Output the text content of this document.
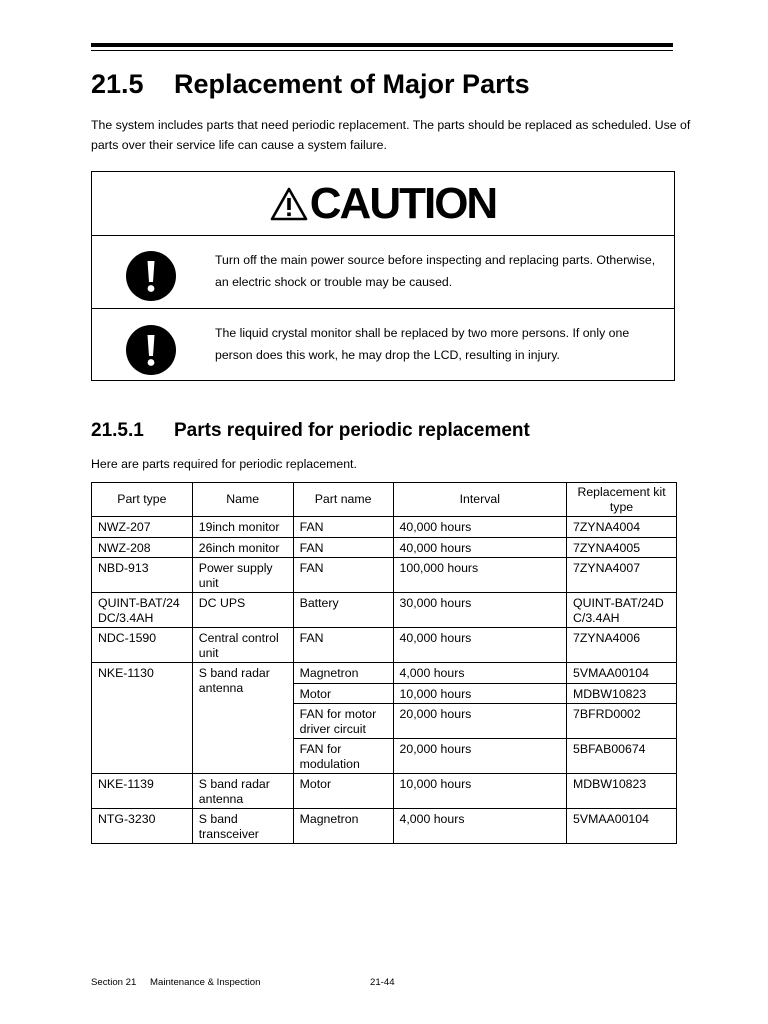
21.5 Replacement of Major Parts

The system includes parts that need periodic replacement. The parts should be replaced as scheduled. Use of parts over their service life can cause a system failure.

CAUTION

Turn off the main power source before inspecting and replacing parts. Otherwise, an electric shock or trouble may be caused.

The liquid crystal monitor shall be replaced by two more persons. If only one person does this work, he may drop the LCD, resulting in injury.

21.5.1 Parts required for periodic replacement

Here are parts required for periodic replacement.

Part type	Name	Part name	Interval	Replacement kit type
NWZ-207	19inch monitor	FAN	40,000 hours	7ZYNA4004
NWZ-208	26inch monitor	FAN	40,000 hours	7ZYNA4005
NBD-913	Power supply unit	FAN	100,000 hours	7ZYNA4007
QUINT-BAT/24DC/3.4AH	DC UPS	Battery	30,000 hours	QUINT-BAT/24DC/3.4AH
NDC-1590	Central control unit	FAN	40,000 hours	7ZYNA4006
NKE-1130	S band radar antenna	Magnetron	4,000 hours	5VMAA00104
		Motor	10,000 hours	MDBW10823
		FAN for motor driver circuit	20,000 hours	7BFRD0002
		FAN for modulation	20,000 hours	5BFAB00674
NKE-1139	S band radar antenna	Motor	10,000 hours	MDBW10823
NTG-3230	S band transceiver	Magnetron	4,000 hours	5VMAA00104

Section 21 Maintenance & Inspection	21-44
